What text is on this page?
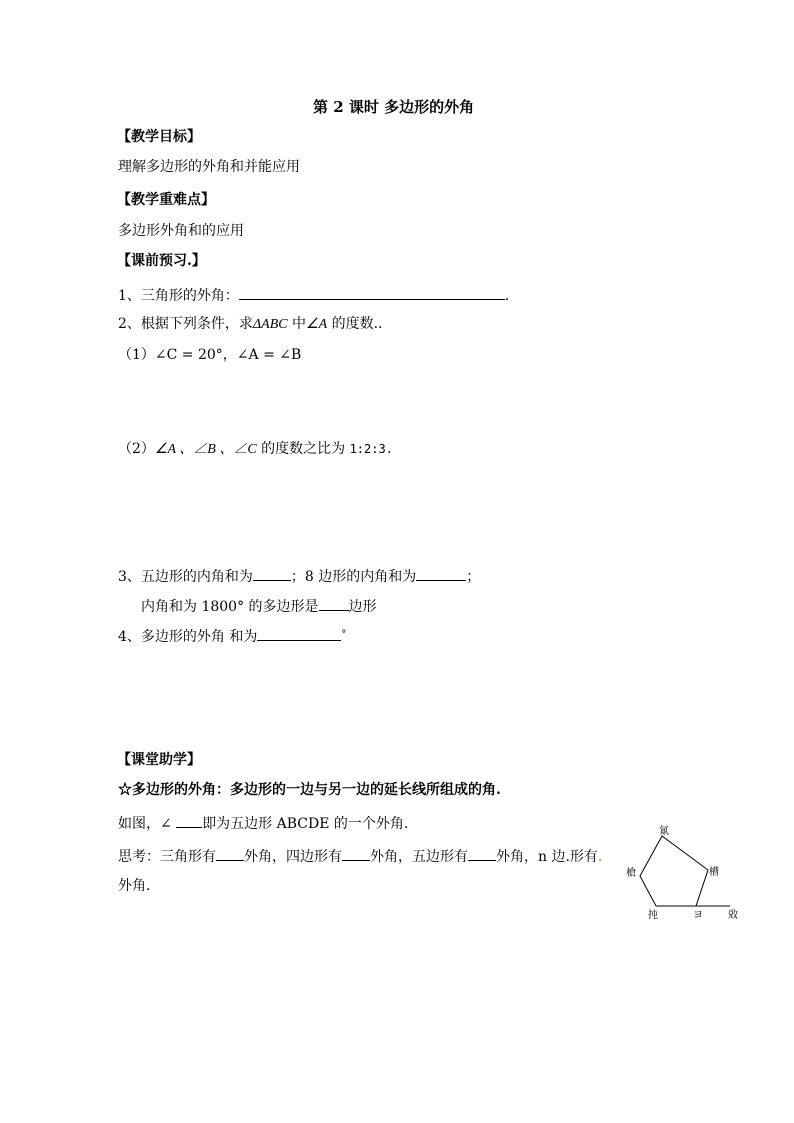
第 2 课时 多边形的外角
【教学目标】
理解多边形的外角和并能应用
【教学重难点】
多边形外角和的应用
【课前预习.】
1、三角形的外角：	.
2、根据下列条件，求ΔABC 中∠A 的度数..
（1）∠C = 20°，∠A = ∠B
（2）∠A 、∠B 、∠C 的度数之比为 1:2:3.
3、五边形的内角和为	；8 边形的内角和为	；
内角和为 1800° 的多边形是 边形
4、多边形的外角 和为	°
【课堂助学】
☆多边形的外角：多边形的一边与另一边的延长线所组成的角.
如图，∠ 即为五边形 ABCDE 的一个外角.
思考：三角形有 外角，四边形有 外角，五边形有 外角，n 边.形有.
外角.
氱
槽
槍
扽	ヨ	敚
